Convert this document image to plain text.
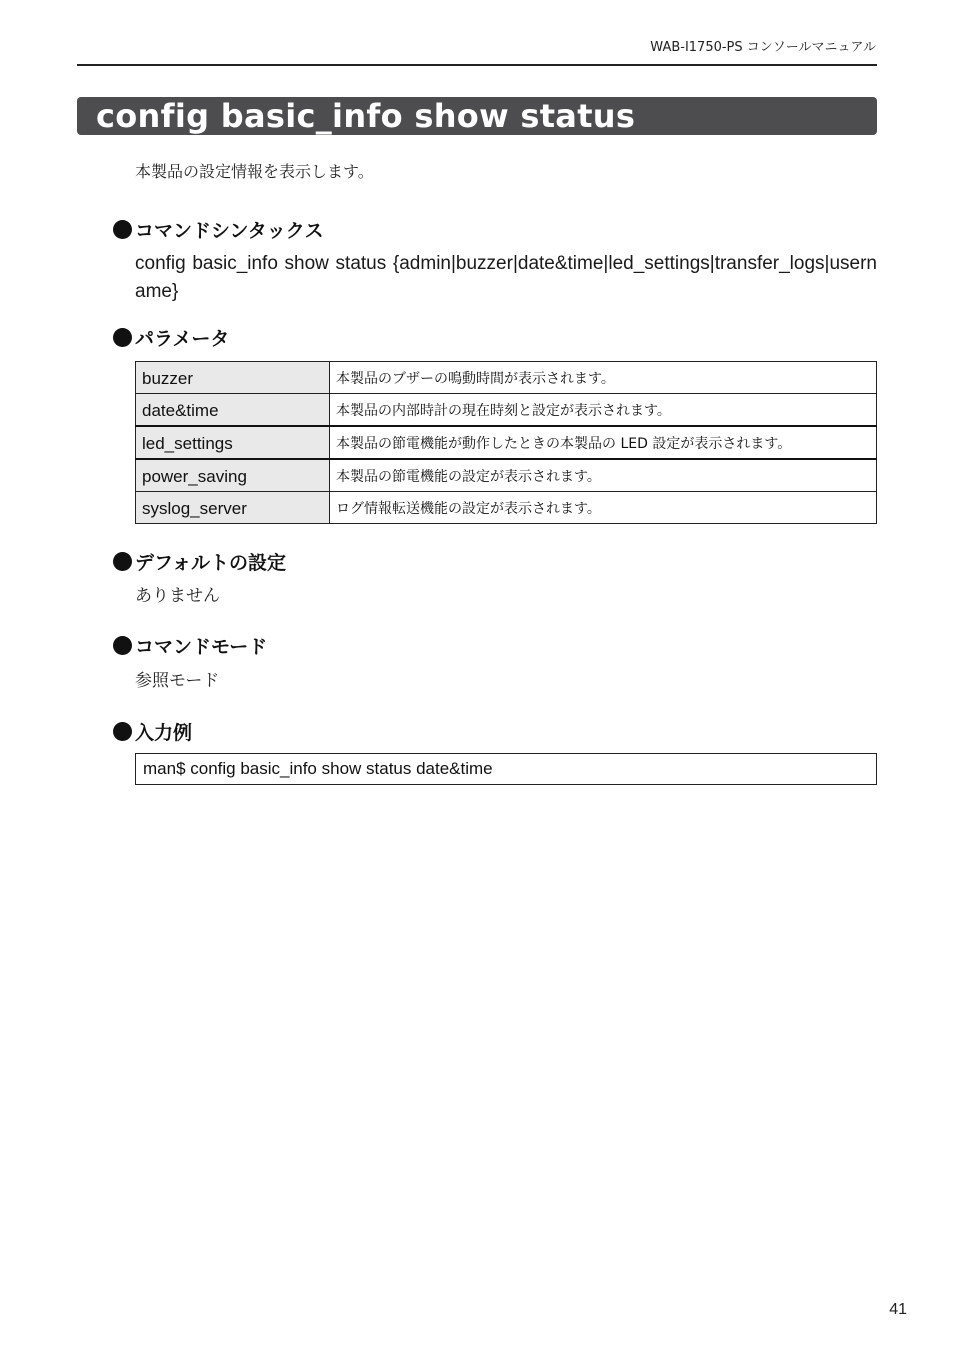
WAB-I1750-PS コンソールマニュアル
config basic_info show status
本製品の設定情報を表示します。
コマンドシンタックス
config basic_info show status {admin|buzzer|date&time|led_settings|transfer_logs|username}
パラメータ
buzzer	本製品のブザーの鳴動時間が表示されます。
date&time	本製品の内部時計の現在時刻と設定が表示されます。
led_settings	本製品の節電機能が動作したときの本製品の LED 設定が表示されます。
power_saving	本製品の節電機能の設定が表示されます。
syslog_server	ログ情報転送機能の設定が表示されます。
デフォルトの設定
ありません
コマンドモード
参照モード
入力例
man$ config basic_info show status date&time
41
